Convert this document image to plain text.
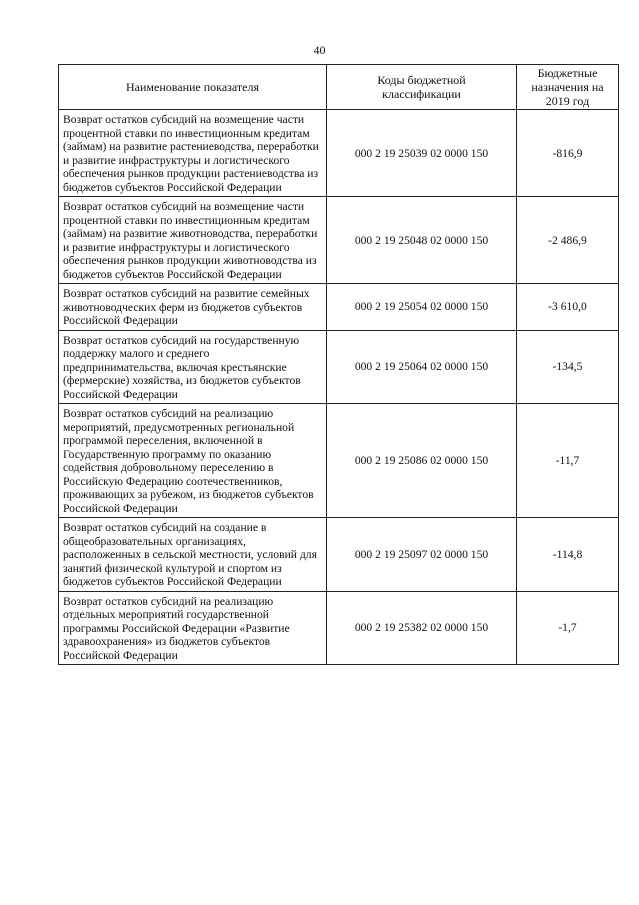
40
Наименование показателя	Коды бюджетной классификации	Бюджетные назначения на 2019 год
Возврат остатков субсидий на возмещение части процентной ставки по инвестиционным кредитам (займам) на развитие растениеводства, переработки и развитие инфраструктуры и логистического обеспечения рынков продукции растениеводства из бюджетов субъектов Российской Федерации	000 2 19 25039 02 0000 150	-816,9
Возврат остатков субсидий на возмещение части процентной ставки по инвестиционным кредитам (займам) на развитие животноводства, переработки и развитие инфраструктуры и логистического обеспечения рынков продукции животноводства из бюджетов субъектов Российской Федерации	000 2 19 25048 02 0000 150	-2 486,9
Возврат остатков субсидий на развитие семейных животноводческих ферм из бюджетов субъектов Российской Федерации	000 2 19 25054 02 0000 150	-3 610,0
Возврат остатков субсидий на государственную поддержку малого и среднего предпринимательства, включая крестьянские (фермерские) хозяйства, из бюджетов субъектов Российской Федерации	000 2 19 25064 02 0000 150	-134,5
Возврат остатков субсидий на реализацию мероприятий, предусмотренных региональной программой переселения, включенной в Государственную программу по оказанию содействия добровольному переселению в Российскую Федерацию соотечественников, проживающих за рубежом, из бюджетов субъектов Российской Федерации	000 2 19 25086 02 0000 150	-11,7
Возврат остатков субсидий на создание в общеобразовательных организациях, расположенных в сельской местности, условий для занятий физической культурой и спортом из бюджетов субъектов Российской Федерации	000 2 19 25097 02 0000 150	-114,8
Возврат остатков субсидий на реализацию отдельных мероприятий государственной программы Российской Федерации «Развитие здравоохранения» из бюджетов субъектов Российской Федерации	000 2 19 25382 02 0000 150	-1,7
